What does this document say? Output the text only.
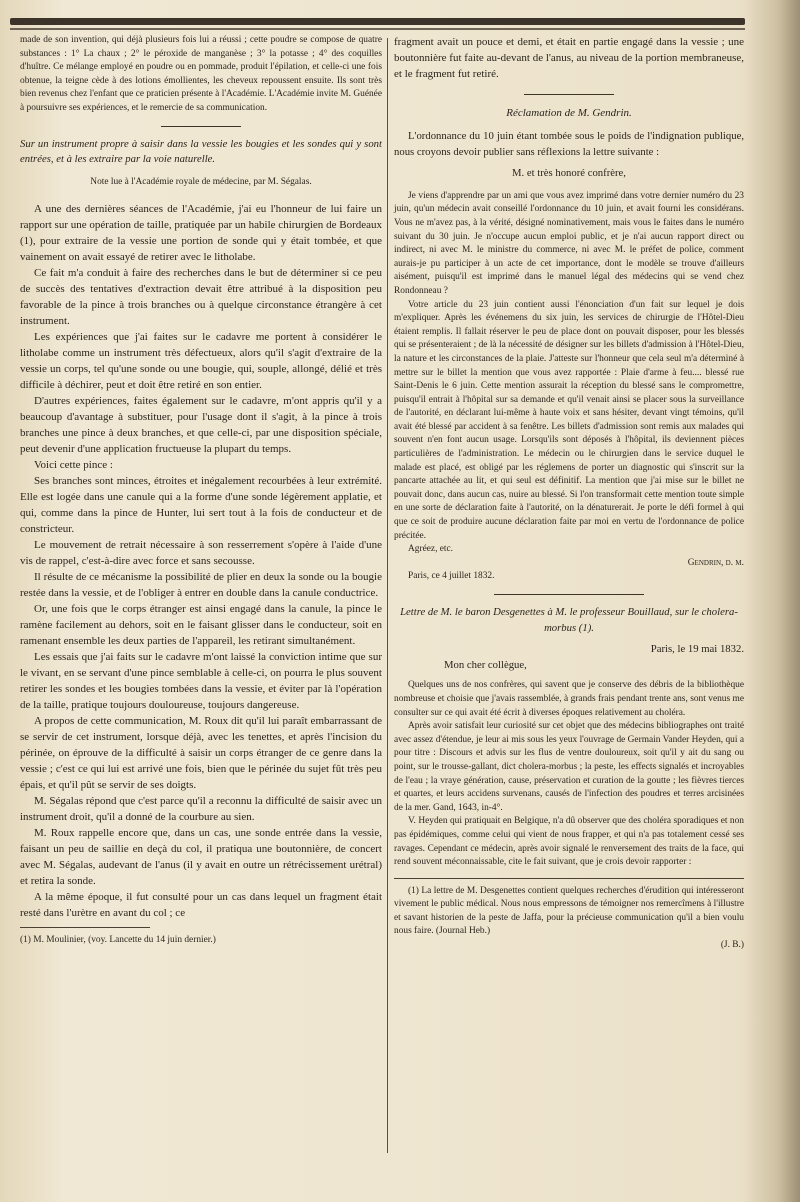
made de son invention, qui déjà plusieurs fois lui a réussi ; cette poudre se compose de quatre substances : 1° La chaux ; 2° le péroxide de manganèse ; 3° la potasse ; 4° des coquilles d'huître. Ce mélange employé en poudre ou en pommade, produit l'épilation, et celle-ci une fois obtenue, la teigne cède à des lotions émollientes, les cheveux repoussent ensuite. Ils sont très bien revenus chez l'enfant que ce praticien présente à l'Académie. L'Académie invite M. Guénée à poursuivre ses expériences, et le remercie de sa communication.

Sur un instrument propre à saisir dans la vessie les bougies et les sondes qui y sont entrées, et à les extraire par la voie naturelle.

Note lue à l'Académie royale de médecine, par M. Ségalas.

A une des dernières séances de l'Académie, j'ai eu l'honneur de lui faire un rapport sur une opération de taille, pratiquée par un habile chirurgien de Bordeaux (1), pour extraire de la vessie une portion de sonde qui y était tombée, et que vainement on avait essayé de retirer avec le litholabe.

Ce fait m'a conduit à faire des recherches dans le but de déterminer si ce peu de succès des tentatives d'extraction devait être attribué à la disposition peu favorable de la pince à trois branches ou à quelque circonstance étrangère à cet instrument.

Les expériences que j'ai faites sur le cadavre me portent à considérer le litholabe comme un instrument très défectueux, alors qu'il s'agit d'extraire de la vessie un corps, tel qu'une sonde ou une bougie, qui, souple, allongé, délié et très difficile à déchirer, peut et doit être retiré en son entier.

D'autres expériences, faites également sur le cadavre, m'ont appris qu'il y a beaucoup d'avantage à substituer, pour l'usage dont il s'agit, à la pince à trois branches une pince à deux branches, et que celle-ci, par une disposition spéciale, peut devenir d'une application fructueuse la plupart du temps.

Voici cette pince :

Ses branches sont minces, étroites et inégalement recourbées à leur extrémité. Elle est logée dans une canule qui a la forme d'une sonde légèrement applatie, et qui, comme dans la pince de Hunter, lui sert tout à la fois de conducteur et de constricteur.

Le mouvement de retrait nécessaire à son resserrement s'opère à l'aide d'une vis de rappel, c'est-à-dire avec force et sans secousse.

Il résulte de ce mécanisme la possibilité de plier en deux la sonde ou la bougie restée dans la vessie, et de l'obliger à entrer en double dans la canule conductrice.

Or, une fois que le corps étranger est ainsi engagé dans la canule, la pince le ramène facilement au dehors, soit en le faisant glisser dans le conducteur, soit en ramenant ensemble les deux parties de l'appareil, les retirant simultanément.

Les essais que j'ai faits sur le cadavre m'ont laissé la conviction intime que sur le vivant, en se servant d'une pince semblable à celle-ci, on pourra le plus souvent retirer les sondes et les bougies tombées dans la vessie, et éviter par là l'opération de la taille, pratique toujours douloureuse, toujours dangereuse.

A propos de cette communication, M. Roux dit qu'il lui paraît embarrassant de se servir de cet instrument, lorsque déjà, avec les tenettes, et après l'incision du périnée, on éprouve de la difficulté à saisir un corps étranger de ce genre dans la vessie ; c'est ce qui lui est arrivé une fois, bien que le périnée du sujet fût très peu épais, et qu'il pût se servir de ses doigts.

M. Ségalas répond que c'est parce qu'il a reconnu la difficulté de saisir avec un instrument droit, qu'il a donné de la courbure au sien.

M. Roux rappelle encore que, dans un cas, une sonde entrée dans la vessie, faisant un peu de saillie en deçà du col, il pratiqua une boutonnière, de concert avec M. Ségalas, audevant de l'anus (il y avait en outre un rétrécissement urétral) et retira la sonde.

A la même époque, il fut consulté pour un cas dans lequel un fragment était resté dans l'urètre en avant du col ; ce

(1) M. Moulinier, (voy. Lancette du 14 juin dernier.)

fragment avait un pouce et demi, et était en partie engagé dans la vessie ; une boutonnière fut faite au-devant de l'anus, au niveau de la portion membraneuse, et le fragment fut retiré.

Réclamation de M. Gendrin.

L'ordonnance du 10 juin étant tombée sous le poids de l'indignation publique, nous croyons devoir publier sans réflexions la lettre suivante :

M. et très honoré confrère,

Je viens d'apprendre par un ami que vous avez imprimé dans votre dernier numéro du 23 juin, qu'un médecin avait conseillé l'ordonnance du 10 juin, et avait fourni les considérans. Vous ne m'avez pas, à la vérité, désigné nominativement, mais vous le faites dans le numéro suivant du 30 juin. Je n'occupe aucun emploi public, et je n'ai aucun rapport direct ou indirect, ni avec M. le ministre du commerce, ni avec M. le préfet de police, comment aurais-je pu participer à un acte de cet importance, dont le modèle se trouve d'ailleurs aisément, puisqu'il est imprimé dans le manuel légal des médecins qui se vend chez Rondonneau ?

Votre article du 23 juin contient aussi l'énonciation d'un fait sur lequel je dois m'expliquer. Après les événemens du six juin, les services de chirurgie de l'Hôtel-Dieu étaient remplis. Il fallait réserver le peu de place dont on pouvait disposer, pour les blessés qui se présenteraient ; de là la nécessité de désigner sur les billets d'admission à l'Hôtel-Dieu, la nature et les circonstances de la plaie. J'atteste sur l'honneur que cela seul m'a déterminé à mettre sur le billet la mention que vous avez rapportée : Plaie d'arme à feu.... blessé rue Saint-Denis le 6 juin. Cette mention assurait la réception du blessé sans le compromettre, puisqu'il entrait à l'hôpital sur sa demande et qu'il venait ainsi se placer sous la surveillance de l'autorité, en déclarant lui-même à haute voix et sans hésiter, devant vingt témoins, qu'il avait été blessé par accident à sa fenêtre. Les billets d'admission sont remis aux malades qui souvent n'en font aucun usage. Lorsqu'ils sont déposés à l'hôpital, ils deviennent pièces particulières de l'administration. Le médecin ou le chirurgien dans le service duquel le malade est placé, est obligé par les réglemens de porter un diagnostic qui s'inscrit sur la pancarte attachée au lit, et qui seul est définitif. La mention que j'ai mise sur le billet ne pouvait donc, dans aucun cas, nuire au blessé. Si l'on transformait cette mention toute simple en une sorte de déclaration faite à l'autorité, on la dénaturerait. Je porte le défi formel à qui que ce soit de produire aucune déclaration faite par moi en vertu de l'ordonnance de police précitée.

Agréez, etc.

Gendrin, d. m.

Paris, ce 4 juillet 1832.

Lettre de M. le baron Desgenettes à M. le professeur Bouillaud, sur le cholera-morbus (1).

Paris, le 19 mai 1832.

Mon cher collègue,

Quelques uns de nos confrères, qui savent que je conserve des débris de la bibliothèque nombreuse et choisie que j'avais rassemblée, à grands frais pendant trente ans, sont venus me consulter sur ce qui avait été écrit à diverses époques relativement au choléra.

Après avoir satisfait leur curiosité sur cet objet que des médecins bibliographes ont traité avec assez d'étendue, je leur ai mis sous les yeux l'ouvrage de Germain Vander Heyden, qui a pour titre : Discours et advis sur les flus de ventre douloureux, soit qu'il y ait du sang ou point, sur le trousse-gallant, dict cholera-morbus ; la peste, les effects signalés et incroyables de l'eau ; la vraye génération, cause, préservation et curation de la goutte ; les fièvres tierces et quartes, et leurs accidens survenans, causés de l'infection des poudres et terres arcisinées de la mer. Gand, 1643, in-4°.

V. Heyden qui pratiquait en Belgique, n'a dû observer que des choléra sporadiques et non pas épidémiques, comme celui qui vient de nous frapper, et qui n'a pas totalement cessé ses ravages. Cependant ce médecin, après avoir signalé le renversement des traits de la face, qui rend souvent méconnaissable, cite le fait suivant, que je crois devoir rapporter :

(1) La lettre de M. Desgenettes contient quelques recherches d'érudition qui intéresseront vivement le public médical. Nous nous empressons de témoigner nos remercîmens à l'illustre et savant historien de la peste de Jaffa, pour la précieuse communication qu'il a bien voulu nous faire. (Journal Heb.)

(J. B.)
